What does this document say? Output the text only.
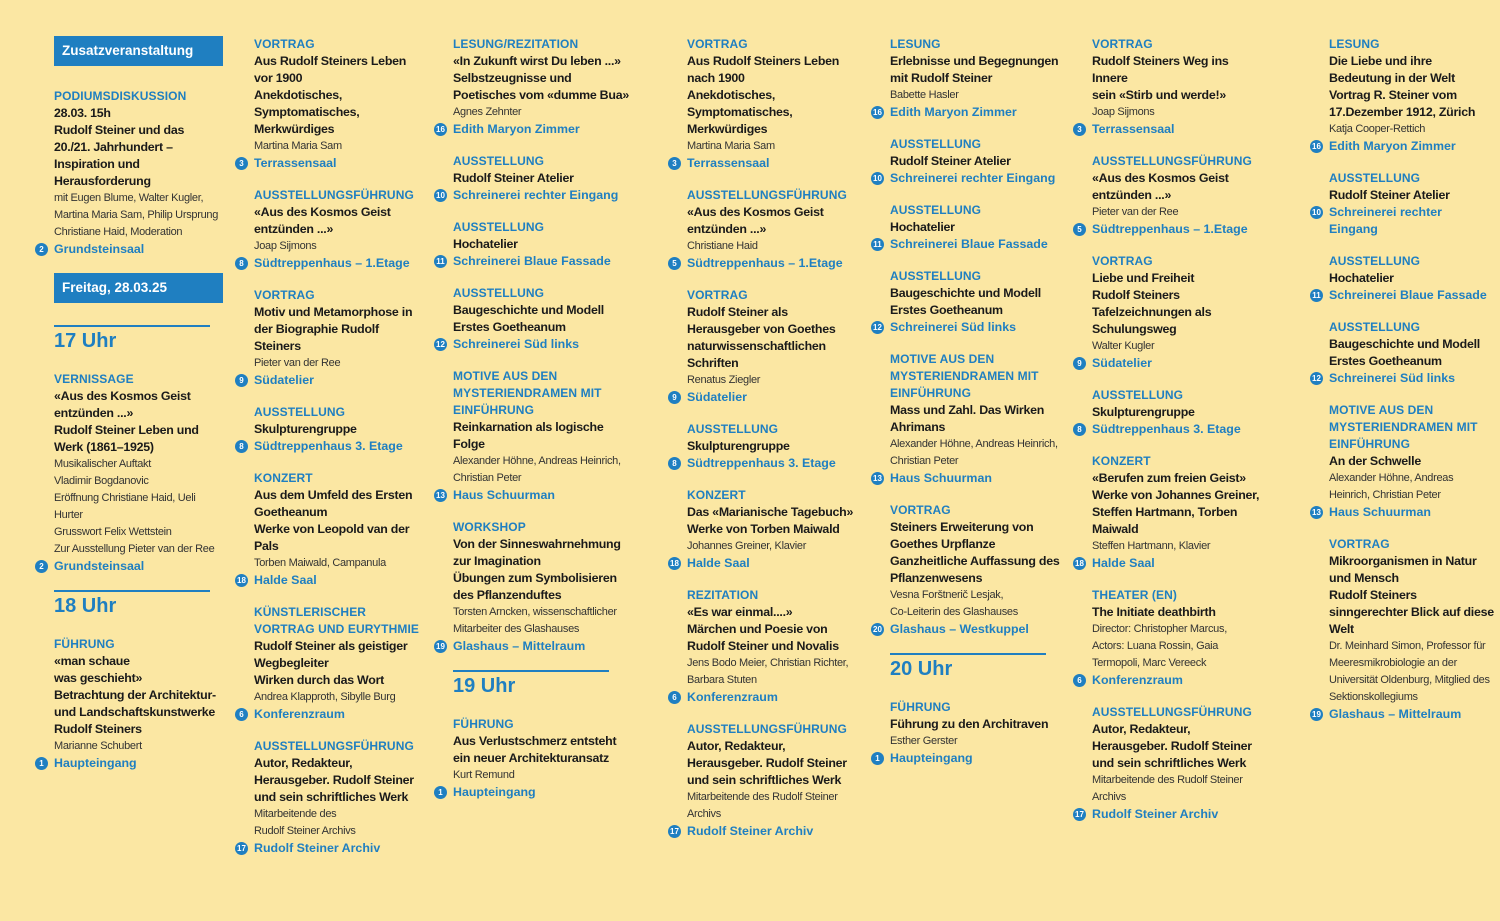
Zusatzveranstaltung
PODIUMSDISKUSSION
28.03. 15h
Rudolf Steiner und das 20./21. Jahrhundert – Inspiration und Herausforderung
mit Eugen Blume, Walter Kugler, Martina Maria Sam, Philip Ursprung
Christiane Haid, Moderation
2 Grundsteinsaal
Freitag, 28.03.25
17 Uhr
VERNISSAGE
«Aus des Kosmos Geist entzünden ...»
Rudolf Steiner Leben und Werk (1861–1925)
Musikalischer Auftakt
Vladimir Bogdanovic
Eröffnung Christiane Haid, Ueli Hurter
Grusswort Felix Wettstein
Zur Ausstellung Pieter van der Ree
2 Grundsteinsaal
18 Uhr
FÜHRUNG
«man schaue
was geschieht»
Betrachtung der Architektur- und Landschaftskunstwerke Rudolf Steiners
Marianne Schubert
1 Haupteingang
VORTRAG
Aus Rudolf Steiners Leben vor 1900
Anekdotisches, Symptomatisches, Merkwürdiges
Martina Maria Sam
3 Terrassensaal
AUSSTELLUNGSFÜHRUNG
«Aus des Kosmos Geist entzünden ...»
Joap Sijmons
8 Südtreppenhaus – 1.Etage
VORTRAG
Motiv und Metamorphose in der Biographie Rudolf Steiners
Pieter van der Ree
9 Südatelier
AUSSTELLUNG
Skulpturengruppe
8 Südtreppenhaus 3. Etage
KONZERT
Aus dem Umfeld des Ersten Goetheanum
Werke von Leopold van der Pals
Torben Maiwald, Campanula
18 Halde Saal
KÜNSTLERISCHER VORTRAG UND EURYTHMIE
Rudolf Steiner als geistiger Wegbegleiter
Wirken durch das Wort
Andrea Klapproth, Sibylle Burg
6 Konferenzraum
AUSSTELLUNGSFÜHRUNG
Autor, Redakteur, Herausgeber. Rudolf Steiner und sein schriftliches Werk
Mitarbeitende des
Rudolf Steiner Archivs
17 Rudolf Steiner Archiv
LESUNG/REZITATION
«In Zukunft wirst Du leben ...»
Selbstzeugnisse und Poetisches vom «dumme Bua»
Agnes Zehnter
16 Edith Maryon Zimmer
AUSSTELLUNG
Rudolf Steiner Atelier
10 Schreinerei rechter Eingang
AUSSTELLUNG
Hochatelier
11 Schreinerei Blaue Fassade
AUSSTELLUNG
Baugeschichte und Modell Erstes Goetheanum
12 Schreinerei Süd links
MOTIVE AUS DEN MYSTERIENDRAMEN MIT EINFÜHRUNG
Reinkarnation als logische Folge
Alexander Höhne, Andreas Heinrich, Christian Peter
13 Haus Schuurman
WORKSHOP
Von der Sinneswahrnehmung zur Imagination
Übungen zum Symbolisieren des Pflanzenduftes
Torsten Arncken, wissenschaftlicher Mitarbeiter des Glashauses
19 Glashaus – Mittelraum
19 Uhr
FÜHRUNG
Aus Verlustschmerz entsteht ein neuer Architekturansatz
Kurt Remund
1 Haupteingang
VORTRAG
Aus Rudolf Steiners Leben nach 1900
Anekdotisches, Symptomatisches, Merkwürdiges
Martina Maria Sam
3 Terrassensaal
AUSSTELLUNGSFÜHRUNG
«Aus des Kosmos Geist entzünden ...»
Christiane Haid
5 Südtreppenhaus – 1.Etage
VORTRAG
Rudolf Steiner als Herausgeber von Goethes naturwissenschaftlichen Schriften
Renatus Ziegler
9 Südatelier
AUSSTELLUNG
Skulpturengruppe
8 Südtreppenhaus 3. Etage
KONZERT
Das «Marianische Tagebuch»
Werke von Torben Maiwald
Johannes Greiner, Klavier
18 Halde Saal
REZITATION
«Es war einmal....»
Märchen und Poesie von Rudolf Steiner und Novalis
Jens Bodo Meier, Christian Richter, Barbara Stuten
6 Konferenzraum
AUSSTELLUNGSFÜHRUNG
Autor, Redakteur, Herausgeber. Rudolf Steiner und sein schriftliches Werk
Mitarbeitende des Rudolf Steiner Archivs
17 Rudolf Steiner Archiv
LESUNG
Erlebnisse und Begegnungen mit Rudolf Steiner
Babette Hasler
16 Edith Maryon Zimmer
AUSSTELLUNG
Rudolf Steiner Atelier
10 Schreinerei rechter Eingang
AUSSTELLUNG
Hochatelier
11 Schreinerei Blaue Fassade
AUSSTELLUNG
Baugeschichte und Modell Erstes Goetheanum
12 Schreinerei Süd links
MOTIVE AUS DEN MYSTERIENDRAMEN MIT EINFÜHRUNG
Mass und Zahl. Das Wirken Ahrimans
Alexander Höhne, Andreas Heinrich, Christian Peter
13 Haus Schuurman
VORTRAG
Steiners Erweiterung von Goethes Urpflanze
Ganzheitliche Auffassung des Pflanzenwesens
Vesna Forštnerič Lesjak,
Co-Leiterin des Glashauses
20 Glashaus – Westkuppel
20 Uhr
FÜHRUNG
Führung zu den Architraven
Esther Gerster
1 Haupteingang
VORTRAG
Rudolf Steiners Weg ins Innere
sein «Stirb und werde!»
Joap Sijmons
3 Terrassensaal
AUSSTELLUNGSFÜHRUNG
«Aus des Kosmos Geist entzünden ...»
Pieter van der Ree
5 Südtreppenhaus – 1.Etage
VORTRAG
Liebe und Freiheit
Rudolf Steiners Tafelzeichnungen als Schulungsweg
Walter Kugler
9 Südatelier
AUSSTELLUNG
Skulpturengruppe
8 Südtreppenhaus 3. Etage
KONZERT
«Berufen zum freien Geist»
Werke von Johannes Greiner, Steffen Hartmann, Torben Maiwald
Steffen Hartmann, Klavier
18 Halde Saal
THEATER (EN)
The Initiate deathbirth
Director: Christopher Marcus,
Actors: Luana Rossin, Gaia Termopoli, Marc Vereeck
6 Konferenzraum
AUSSTELLUNGSFÜHRUNG
Autor, Redakteur, Herausgeber. Rudolf Steiner und sein schriftliches Werk
Mitarbeitende des Rudolf Steiner Archivs
17 Rudolf Steiner Archiv
LESUNG
Die Liebe und ihre Bedeutung in der Welt
Vortrag R. Steiner vom 17.Dezember 1912, Zürich
Katja Cooper-Rettich
16 Edith Maryon Zimmer
AUSSTELLUNG
Rudolf Steiner Atelier
10 Schreinerei rechter Eingang
AUSSTELLUNG
Hochatelier
11 Schreinerei Blaue Fassade
AUSSTELLUNG
Baugeschichte und Modell Erstes Goetheanum
12 Schreinerei Süd links
MOTIVE AUS DEN MYSTERIENDRAMEN MIT EINFÜHRUNG
An der Schwelle
Alexander Höhne, Andreas Heinrich, Christian Peter
13 Haus Schuurman
VORTRAG
Mikroorganismen in Natur und Mensch
Rudolf Steiners sinngerechter Blick auf diese Welt
Dr. Meinhard Simon, Professor für Meeresmikrobiologie an der Universität Oldenburg, Mitglied des Sektionskollegiums
19 Glashaus – Mittelraum
